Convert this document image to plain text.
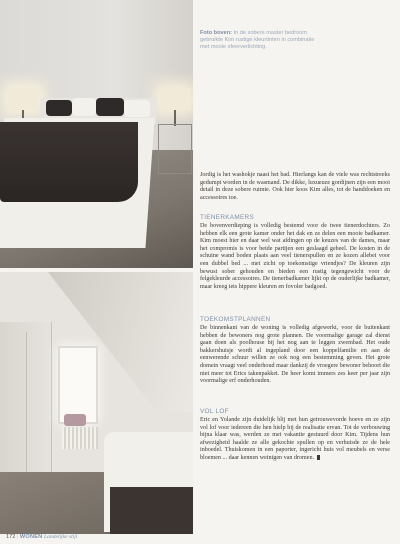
Foto boven: In de sobere master bedroom gebruikte Kim rustige kleurtinten in combinatie met mooie sfeerverlichting.

Jordig is het washokje naast het bad. Hierlangs kan de viele was rechtstreeks gedumpt worden in de wasmand. De dikke, luxueuze gordijnen zijn een mooi detail in deze sobere ruimte. Ook hier koos Kim alles, tot de handdoeken en accessoires toe.

TIENERKAMERS

De bovenverdieping is volledig bestemd voor de twee tienerdochters. Zo hebben elk een grote kamer onder het dak en ze delen een mooie badkamer. Kim moest hier en daar wel wat afdingen op de keuzes van de dames, maar het compromis is voor beide partijen een geslaagd geheel. De kosten in de schuine wand boden plaats aan veel tienerspullen en ze kozen allebei voor een dubbel bed ... met zicht op toekomstige vriendjes? De kleuren zijn bewust sober gehouden en bieden een rustig tegengewicht voor de felgekleurde accessoires. De tienerbadkamer lijkt op de ouderlijke badkamer, maar kreeg iets hippere kleuren en fovoler badgoed.

TOEKOMSTPLANNEN

De binnenkant van de woning is volledig afgewerkt, voor de buitenkant hebben de bewoners nog grote plannen. De voormalige garage zal dienst gaan doen als poolhouse bij het nog aan te leggen zwembad. Het oude bakkershuisje wordt al ingepland door een koppelfamilie en aan de eenwerende schuur willen ze ook nog een bestemming geven. Het grote domein vraagt veel onderhoud maar dankzij de vroegere bewoner behoort die niet meer tot Erics takenpakket. De heer komt immers zes keer per jaar zijn voormalige erf onderhouden.

VOL LOF

Eric en Yolande zijn duidelijk blij met hun getrouwevorde hoeve en ze zijn vol lof voor iedereen die hen hielp bij de realisatie ervan. Tot de verbouwing bijna klaar was, werden ze met vakantie gestuurd door Kim. Tijdens hun afwezigheid haalde ze alle gekochte spullen op en verhuisde ze de hele inboedel. Thuiskomen in een paporter, ingericht huis vol meubels en verse bloemen ... daar kennen weinigen van dromen.

172 | WONEN Landelijke stijl
